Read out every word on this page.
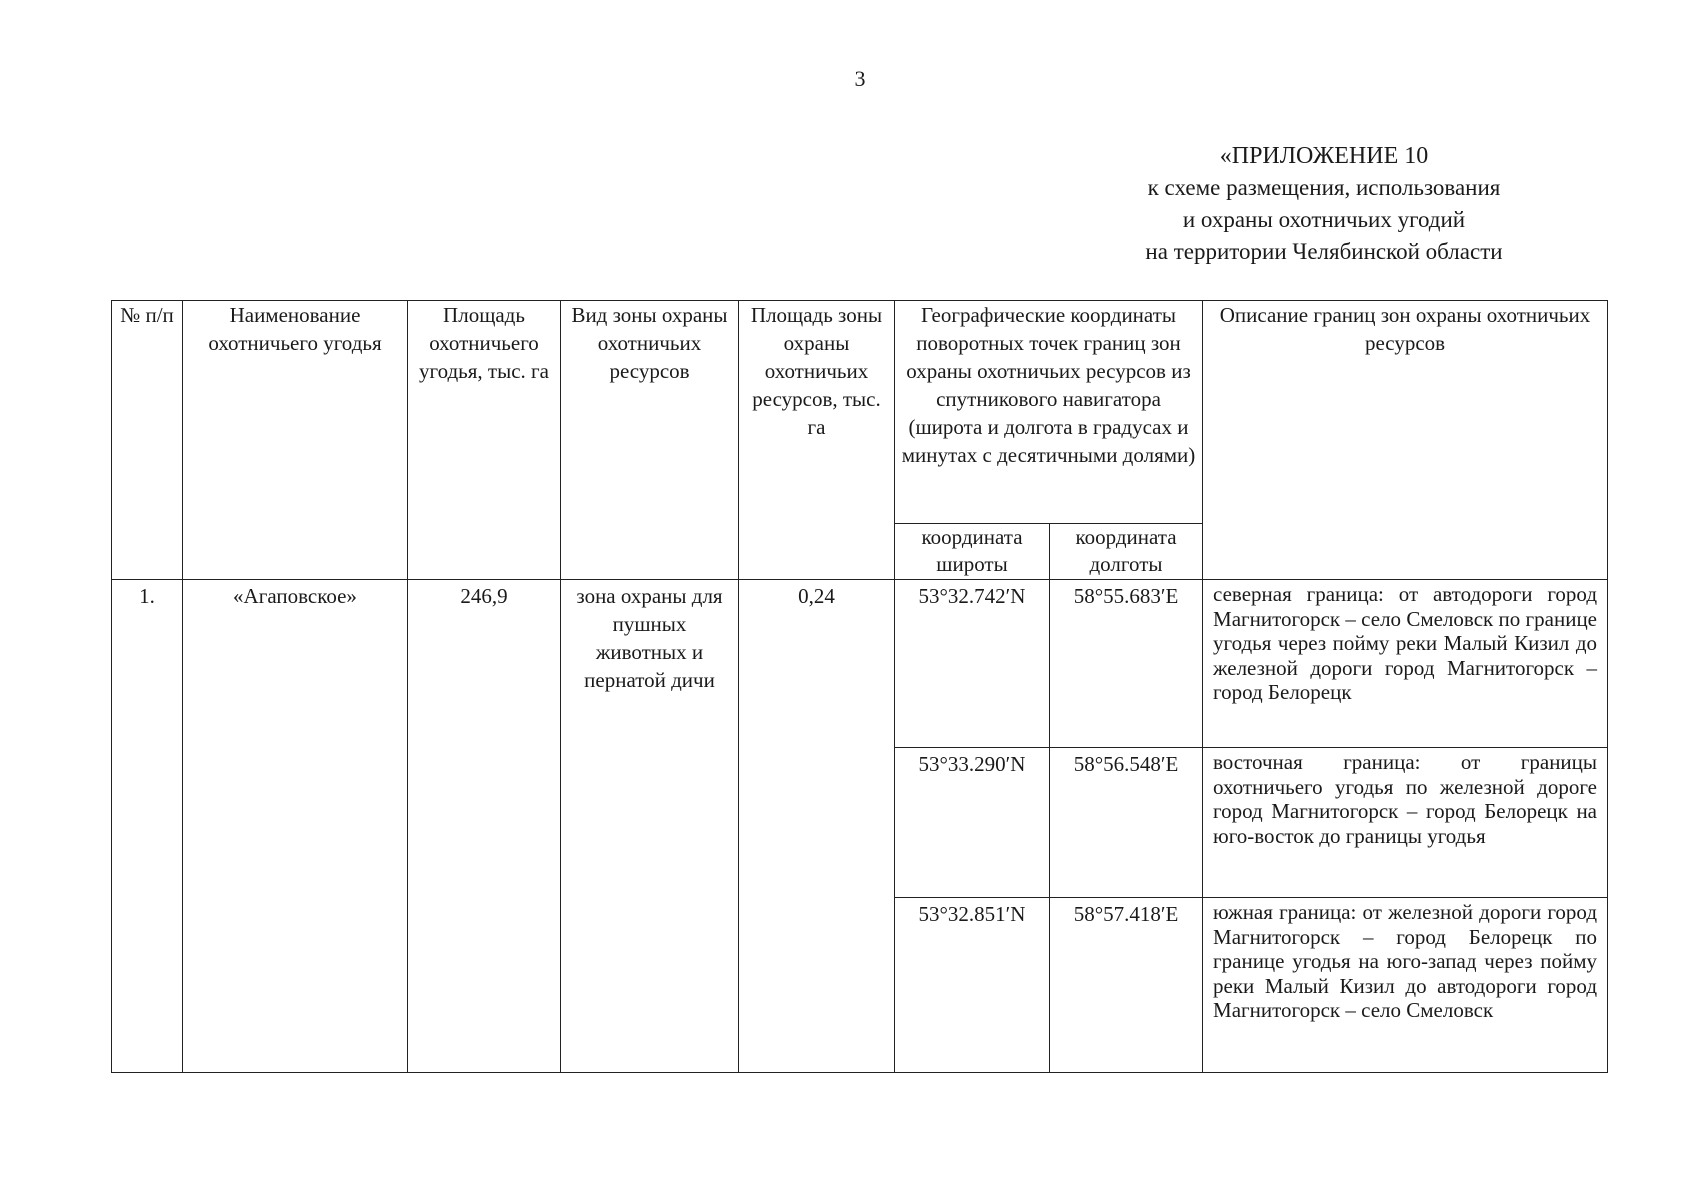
3
«ПРИЛОЖЕНИЕ 10
к схеме размещения, использования
и охраны охотничьих угодий
на территории Челябинской области
№ п/п	Наименование охотничьего угодья	Площадь охотничьего угодья, тыс. га	Вид зоны охраны охотничьих ресурсов	Площадь зоны охраны охотничьих ресурсов, тыс. га	Географические координаты поворотных точек границ зон охраны охотничьих ресурсов из спутникового навигатора (широта и долгота в градусах и минутах с десятичными долями)		Описание границ зон охраны охотничьих ресурсов
					координата широты	координата долготы	
1.	«Агаповское»	246,9	зона охраны для пушных животных и пернатой дичи	0,24	53°32.742′N	58°55.683′E	северная граница: от автодороги город Магнитогорск – село Смеловск по границе угодья через пойму реки Малый Кизил до железной дороги город Магнитогорск – город Белорецк
					53°33.290′N	58°56.548′E	восточная граница: от границы охотничьего угодья по железной дороге город Магнитогорск – город Белорецк на юго-восток до границы угодья
					53°32.851′N	58°57.418′E	южная граница: от железной дороги город Магнитогорск – город Белорецк по границе угодья на юго-запад через пойму реки Малый Кизил до автодороги город Магнитогорск – село Смеловск
